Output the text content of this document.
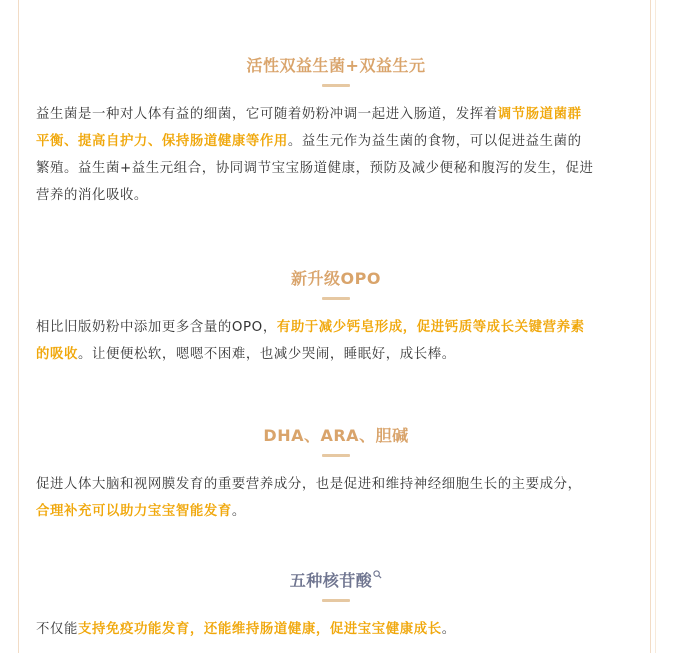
活性双益生菌+双益生元
益生菌是一种对人体有益的细菌，它可随着奶粉冲调一起进入肠道，发挥着调节肠道菌群
平衡、提高自护力、保持肠道健康等作用。益生元作为益生菌的食物，可以促进益生菌的
繁殖。益生菌+益生元组合，协同调节宝宝肠道健康，预防及减少便秘和腹泻的发生，促进
营养的消化吸收。
新升级OPO
相比旧版奶粉中添加更多含量的OPO，有助于减少钙皂形成，促进钙质等成长关键营养素
的吸收。让便便松软，嗯嗯不困难，也减少哭闹，睡眠好，成长棒。
DHA、ARA、胆碱
促进人体大脑和视网膜发育的重要营养成分，也是促进和维持神经细胞生长的主要成分，
合理补充可以助力宝宝智能发育。
五种核苷酸
不仅能支持免疫功能发育，还能维持肠道健康，促进宝宝健康成长。
